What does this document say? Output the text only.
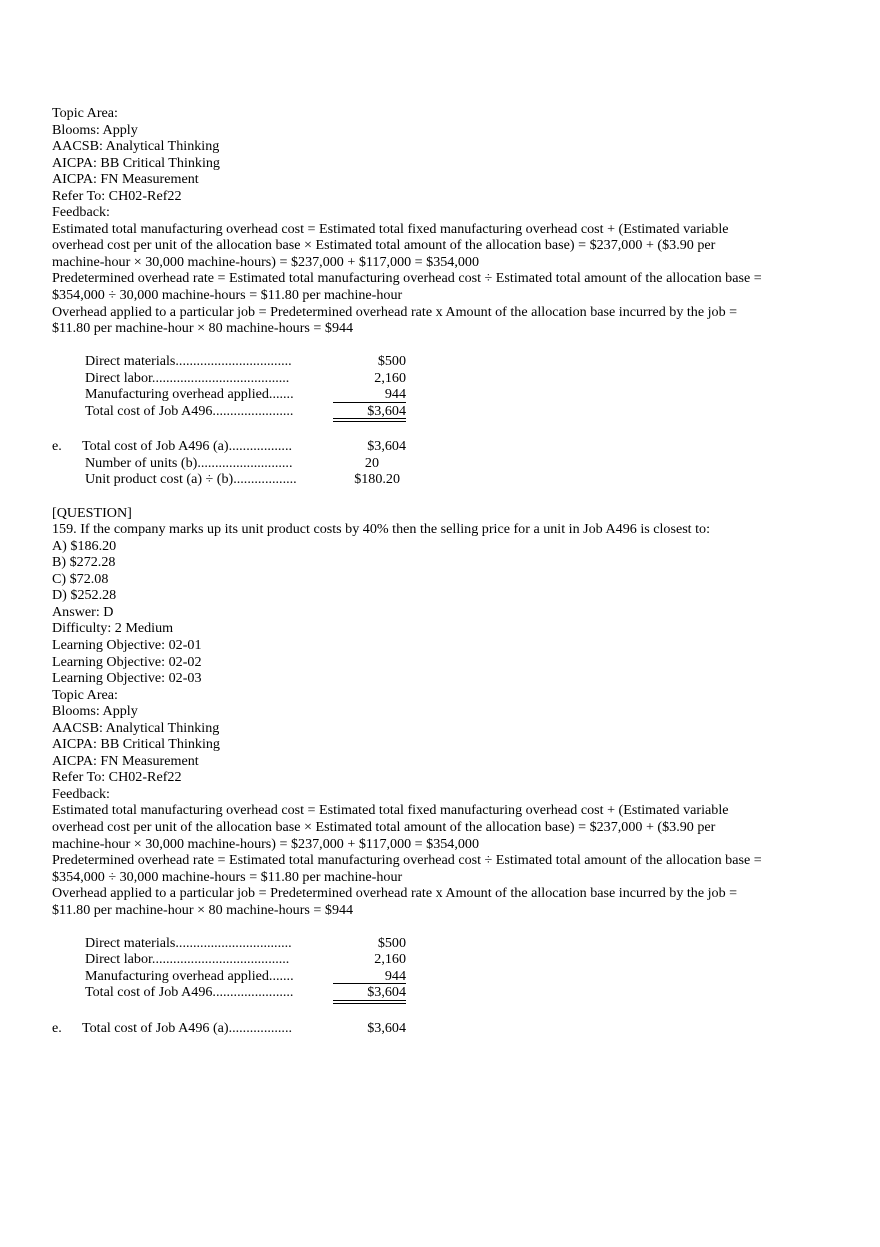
Topic Area:
Blooms: Apply
AACSB: Analytical Thinking
AICPA: BB Critical Thinking
AICPA: FN Measurement
Refer To: CH02-Ref22
Feedback:
Estimated total manufacturing overhead cost = Estimated total fixed manufacturing overhead cost + (Estimated variable overhead cost per unit of the allocation base × Estimated total amount of the allocation base) = $237,000 + ($3.90 per machine-hour × 30,000 machine-hours) = $237,000 + $117,000 = $354,000
Predetermined overhead rate = Estimated total manufacturing overhead cost ÷ Estimated total amount of the allocation base = $354,000 ÷ 30,000 machine-hours = $11.80 per machine-hour
Overhead applied to a particular job = Predetermined overhead rate x Amount of the allocation base incurred by the job = $11.80 per machine-hour × 80 machine-hours = $944
Direct materials.................................	$500
Direct labor.......................................	2,160
Manufacturing overhead applied.......	944
Total cost of Job A496.......................	$3,604
e. Total cost of Job A496 (a)..................	$3,604
Number of units (b)...........................	20
Unit product cost (a) ÷ (b)..................	$180.20
[QUESTION]
159. If the company marks up its unit product costs by 40% then the selling price for a unit in Job A496 is closest to:
A) $186.20
B) $272.28
C) $72.08
D) $252.28
Answer: D
Difficulty: 2 Medium
Learning Objective: 02-01
Learning Objective: 02-02
Learning Objective: 02-03
Topic Area:
Blooms: Apply
AACSB: Analytical Thinking
AICPA: BB Critical Thinking
AICPA: FN Measurement
Refer To: CH02-Ref22
Feedback:
Estimated total manufacturing overhead cost = Estimated total fixed manufacturing overhead cost + (Estimated variable overhead cost per unit of the allocation base × Estimated total amount of the allocation base) = $237,000 + ($3.90 per machine-hour × 30,000 machine-hours) = $237,000 + $117,000 = $354,000
Predetermined overhead rate = Estimated total manufacturing overhead cost ÷ Estimated total amount of the allocation base = $354,000 ÷ 30,000 machine-hours = $11.80 per machine-hour
Overhead applied to a particular job = Predetermined overhead rate x Amount of the allocation base incurred by the job = $11.80 per machine-hour × 80 machine-hours = $944
Direct materials.................................	$500
Direct labor.......................................	2,160
Manufacturing overhead applied.......	944
Total cost of Job A496.......................	$3,604
e. Total cost of Job A496 (a)..................	$3,604
